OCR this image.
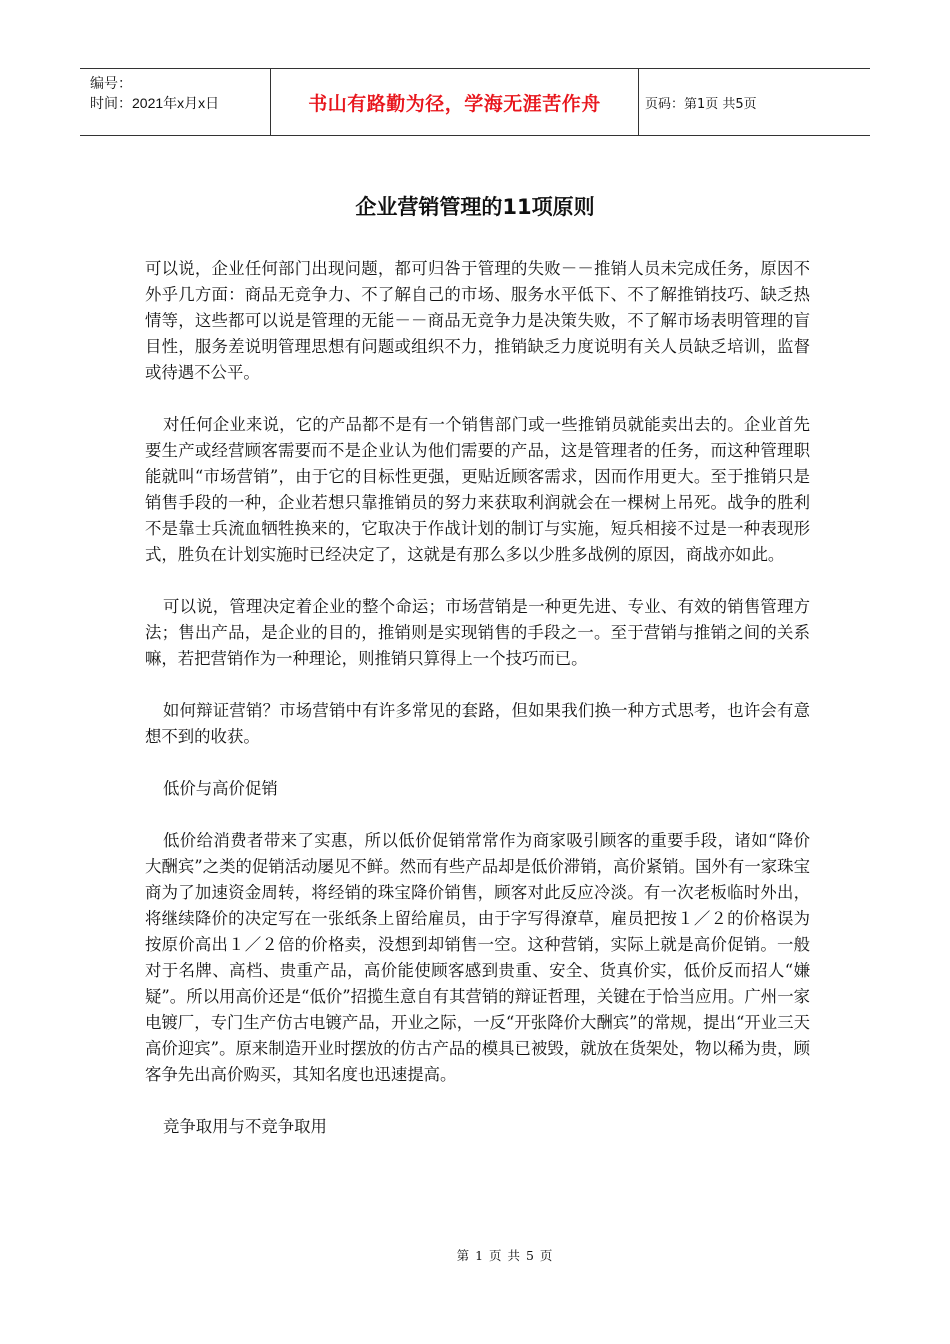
编号：
时间：2021年x月x日	书山有路勤为径，学海无涯苦作舟	页码：第1页 共5页
企业营销管理的11项原则

可以说，企业任何部门出现问题，都可归咎于管理的失败－－推销人员未完成任务，原因不外乎几方面：商品无竞争力、不了解自己的市场、服务水平低下、不了解推销技巧、缺乏热情等，这些都可以说是管理的无能－－商品无竞争力是决策失败，不了解市场表明管理的盲目性，服务差说明管理思想有问题或组织不力，推销缺乏力度说明有关人员缺乏培训，监督或待遇不公平。

对任何企业来说，它的产品都不是有一个销售部门或一些推销员就能卖出去的。企业首先要生产或经营顾客需要而不是企业认为他们需要的产品，这是管理者的任务，而这种管理职能就叫“市场营销”，由于它的目标性更强，更贴近顾客需求，因而作用更大。至于推销只是销售手段的一种，企业若想只靠推销员的努力来获取利润就会在一棵树上吊死。战争的胜利不是靠士兵流血牺牲换来的，它取决于作战计划的制订与实施，短兵相接不过是一种表现形式，胜负在计划实施时已经决定了，这就是有那么多以少胜多战例的原因，商战亦如此。

可以说，管理决定着企业的整个命运；市场营销是一种更先进、专业、有效的销售管理方法；售出产品，是企业的目的，推销则是实现销售的手段之一。至于营销与推销之间的关系嘛，若把营销作为一种理论，则推销只算得上一个技巧而已。

如何辩证营销？市场营销中有许多常见的套路，但如果我们换一种方式思考，也许会有意想不到的收获。

低价与高价促销

低价给消费者带来了实惠，所以低价促销常常作为商家吸引顾客的重要手段，诸如“降价大酬宾”之类的促销活动屡见不鲜。然而有些产品却是低价滞销，高价紧销。国外有一家珠宝商为了加速资金周转，将经销的珠宝降价销售，顾客对此反应冷淡。有一次老板临时外出，将继续降价的决定写在一张纸条上留给雇员，由于字写得潦草，雇员把按１／２的价格误为按原价高出１／２倍的价格卖，没想到却销售一空。这种营销，实际上就是高价促销。一般对于名牌、高档、贵重产品，高价能使顾客感到贵重、安全、货真价实，低价反而招人“嫌疑”。所以用高价还是“低价”招揽生意自有其营销的辩证哲理，关键在于恰当应用。广州一家电镀厂，专门生产仿古电镀产品，开业之际，一反“开张降价大酬宾”的常规，提出“开业三天高价迎宾”。原来制造开业时摆放的仿古产品的模具已被毁，就放在货架处，物以稀为贵，顾客争先出高价购买，其知名度也迅速提高。

竞争取用与不竞争取用

第 1 页 共 5 页
